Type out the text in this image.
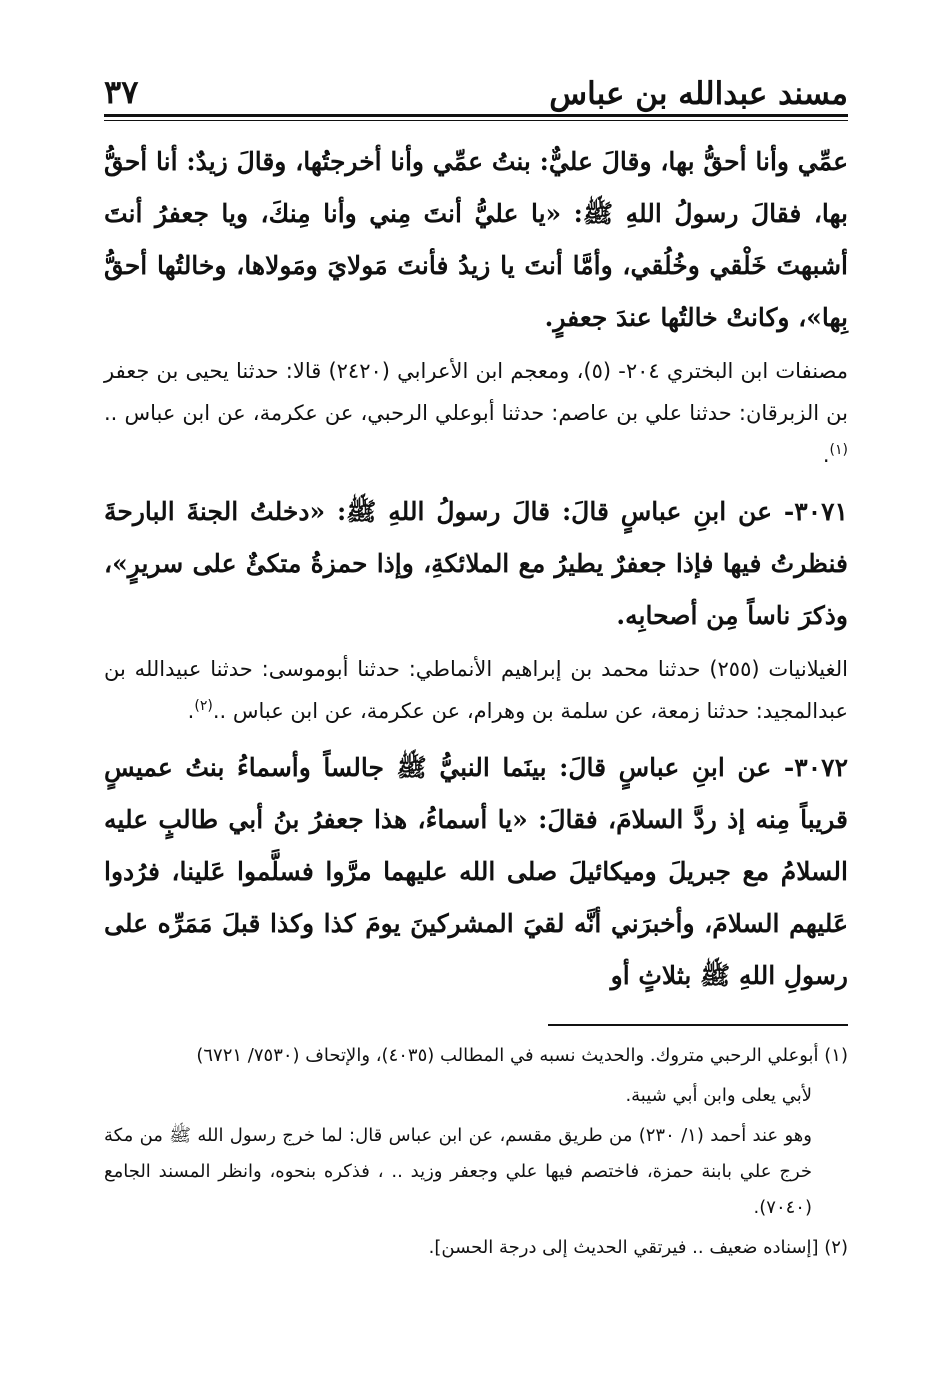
مسند عبدالله بن عباس
٣٧

عمِّي وأنا أحقُّ بها، وقالَ عليٌّ: بنتُ عمِّي وأنا أخرجتُها، وقالَ زيدٌ: أنا أحقُّ بها، فقالَ رسولُ اللهِ ﷺ: «يا عليُّ أنتَ مِني وأنا مِنكَ، ويا جعفرُ أنتَ أشبهتَ خَلْقي وخُلُقي، وأمَّا أنتَ يا زيدُ فأنتَ مَولايَ ومَولاها، وخالتُها أحقُّ بِها»، وكانتْ خالتُها عندَ جعفرٍ.

مصنفات ابن البختري ٢٠٤- (٥)، ومعجم ابن الأعرابي (٢٤٢٠) قالا: حدثنا يحيى بن جعفر بن الزبرقان: حدثنا علي بن عاصم: حدثنا أبوعلي الرحبي، عن عكرمة، عن ابن عباس ..$^{(١)}$.

٣٠٧١- عن ابنِ عباسٍ قالَ: قالَ رسولُ اللهِ ﷺ: «دخلتُ الجنةَ البارحةَ فنظرتُ فيها فإذا جعفرٌ يطيرُ مع الملائكةِ، وإذا حمزةُ متكئٌ على سريرٍ»، وذكرَ ناساً مِن أصحابِه.

الغيلانيات (٢٥٥) حدثنا محمد بن إبراهيم الأنماطي: حدثنا أبوموسى: حدثنا عبيدالله بن عبدالمجيد: حدثنا زمعة، عن سلمة بن وهرام، عن عكرمة، عن ابن عباس ..$^{(٢)}$.

٣٠٧٢- عن ابنِ عباسٍ قالَ: بينَما النبيُّ ﷺ جالساً وأسماءُ بنتُ عميسٍ قريباً مِنه إذ ردَّ السلامَ، فقالَ: «يا أسماءُ، هذا جعفرُ بنُ أبي طالبٍ عليه السلامُ مع جبريلَ وميكائيلَ صلى الله عليهما مرَّوا فسلَّموا عَلينا، فرُدوا عَليهم السلامَ، وأخبرَني أنَّه لقيَ المشركينَ يومَ كذا وكذا قبلَ مَمَرِّه على رسولِ اللهِ ﷺ بثلاثٍ أو

(١) أبوعلي الرحبي متروك. والحديث نسبه في المطالب (٤٠٣٥)، والإتحاف (٧٥٣٠/ ٦٧٢١)

لأبي يعلى وابن أبي شيبة.

وهو عند أحمد (١/ ٢٣٠) من طريق مقسم، عن ابن عباس قال: لما خرج رسول الله ﷺ من مكة خرج علي بابنة حمزة، فاختصم فيها علي وجعفر وزيد .. ، فذكره بنحوه، وانظر المسند الجامع (٧٠٤٠).

(٢) [إسناده ضعيف .. فيرتقي الحديث إلى درجة الحسن].
